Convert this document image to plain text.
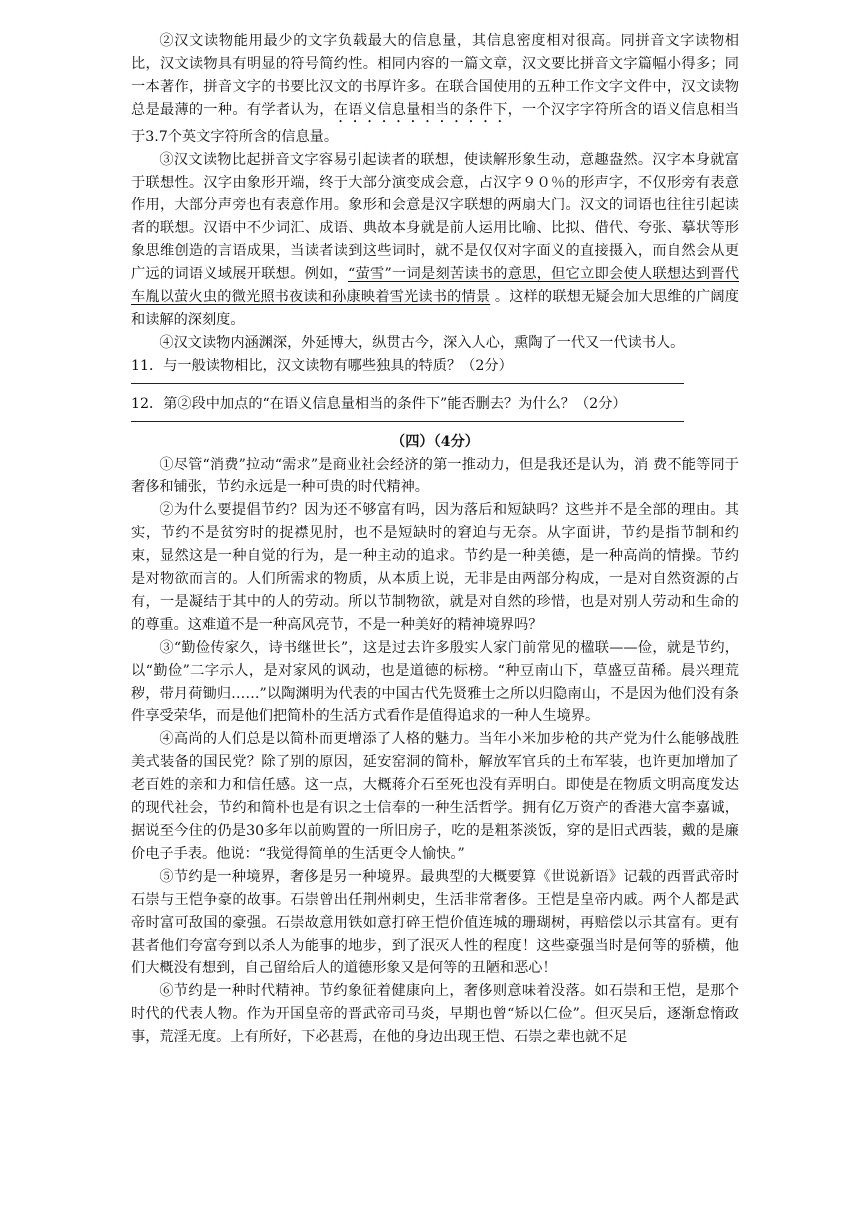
②汉文读物能用最少的文字负载最大的信息量，其信息密度相对很高。同拼音文字读物相比，汉文读物具有明显的符号简约性。相同内容的一篇文章，汉文要比拼音文字篇幅小得多；同一本著作，拼音文字的书要比汉文的书厚许多。在联合国使用的五种工作文字文件中，汉文读物总是最薄的一种。有学者认为，在语义信息量相当的条件下，一个汉字字符所含的语义信息相当于3.7个英文字符所含的信息量。

③汉文读物比起拼音文字容易引起读者的联想，使读解形象生动，意趣盎然。汉字本身就富于联想性。汉字由象形开端，终于大部分演变成会意，占汉字９０％的形声字，不仅形旁有表意作用，大部分声旁也有表意作用。象形和会意是汉字联想的两扇大门。汉文的词语也往往引起读者的联想。汉语中不少词汇、成语、典故本身就是前人运用比喻、比拟、借代、夸张、摹状等形象思维创造的言语成果，当读者读到这些词时，就不是仅仅对字面义的直接摄入，而自然会从更广远的词语义域展开联想。例如，“萤雪”一词是刻苦读书的意思，但它立即会使人联想达到晋代车胤以萤火虫的微光照书夜读和孙康映着雪光读书的情景 。这样的联想无疑会加大思维的广阔度和读解的深刻度。

④汉文读物内涵渊深，外延博大，纵贯古今，深入人心，熏陶了一代又一代读书人。

11．与一般读物相比，汉文读物有哪些独具的特质？（2分）

12．第②段中加点的“在语义信息量相当的条件下”能否删去？为什么？（2分）

（四）（4分）

①尽管“消费”拉动“需求”是商业社会经济的第一推动力，但是我还是认为，消 费不能等同于奢侈和铺张，节约永远是一种可贵的时代精神。

②为什么要提倡节约？因为还不够富有吗，因为落后和短缺吗？这些并不是全部的理由。其实，节约不是贫穷时的捉襟见肘，也不是短缺时的窘迫与无奈。从字面讲，节约是指节制和约束，显然这是一种自觉的行为，是一种主动的追求。节约是一种美德，是一种高尚的情操。节约是对物欲而言的。人们所需求的物质，从本质上说，无非是由两部分构成，一是对自然资源的占有，一是凝结于其中的人的劳动。所以节制物欲，就是对自然的珍惜，也是对别人劳动和生命的的尊重。这难道不是一种高风亮节，不是一种美好的精神境界吗？

③“勤俭传家久，诗书继世长”，这是过去许多殷实人家门前常见的楹联——俭，就是节约，以“勤俭”二字示人，是对家风的讽动，也是道德的标榜。“种豆南山下，草盛豆苗稀。晨兴理荒秽，带月荷锄归……”以陶渊明为代表的中国古代先贤雅士之所以归隐南山，不是因为他们没有条件享受荣华，而是他们把简朴的生活方式看作是值得追求的一种人生境界。

④高尚的人们总是以简朴而更增添了人格的魅力。当年小米加步枪的共产党为什么能够战胜美式装备的国民党？除了别的原因，延安窑洞的简朴，解放军官兵的土布军装，也许更加增加了老百姓的亲和力和信任感。这一点，大概蒋介石至死也没有弄明白。即使是在物质文明高度发达的现代社会，节约和简朴也是有识之士信奉的一种生活哲学。拥有亿万资产的香港大富李嘉诚，据说至今住的仍是30多年以前购置的一所旧房子，吃的是粗茶淡饭，穿的是旧式西装，戴的是廉价电子手表。他说：“我觉得简单的生活更令人愉快。”

⑤节约是一种境界，奢侈是另一种境界。最典型的大概要算《世说新语》记载的西晋武帝时石崇与王恺争豪的故事。石崇曾出任荆州刺史，生活非常奢侈。王恺是皇帝内戚。两个人都是武帝时富可敌国的豪强。石崇故意用铁如意打碎王恺价值连城的珊瑚树，再赔偿以示其富有。更有甚者他们夸富夸到以杀人为能事的地步，到了泯灭人性的程度！这些豪强当时是何等的骄横，他们大概没有想到，自己留给后人的道德形象又是何等的丑陋和恶心！

⑥节约是一种时代精神。节约象征着健康向上，奢侈则意味着没落。如石崇和王恺，是那个时代的代表人物。作为开国皇帝的晋武帝司马炎，早期也曾“矫以仁俭”。但灭吴后，逐渐怠惰政事，荒淫无度。上有所好，下必甚焉，在他的身边出现王恺、石崇之辈也就不足
